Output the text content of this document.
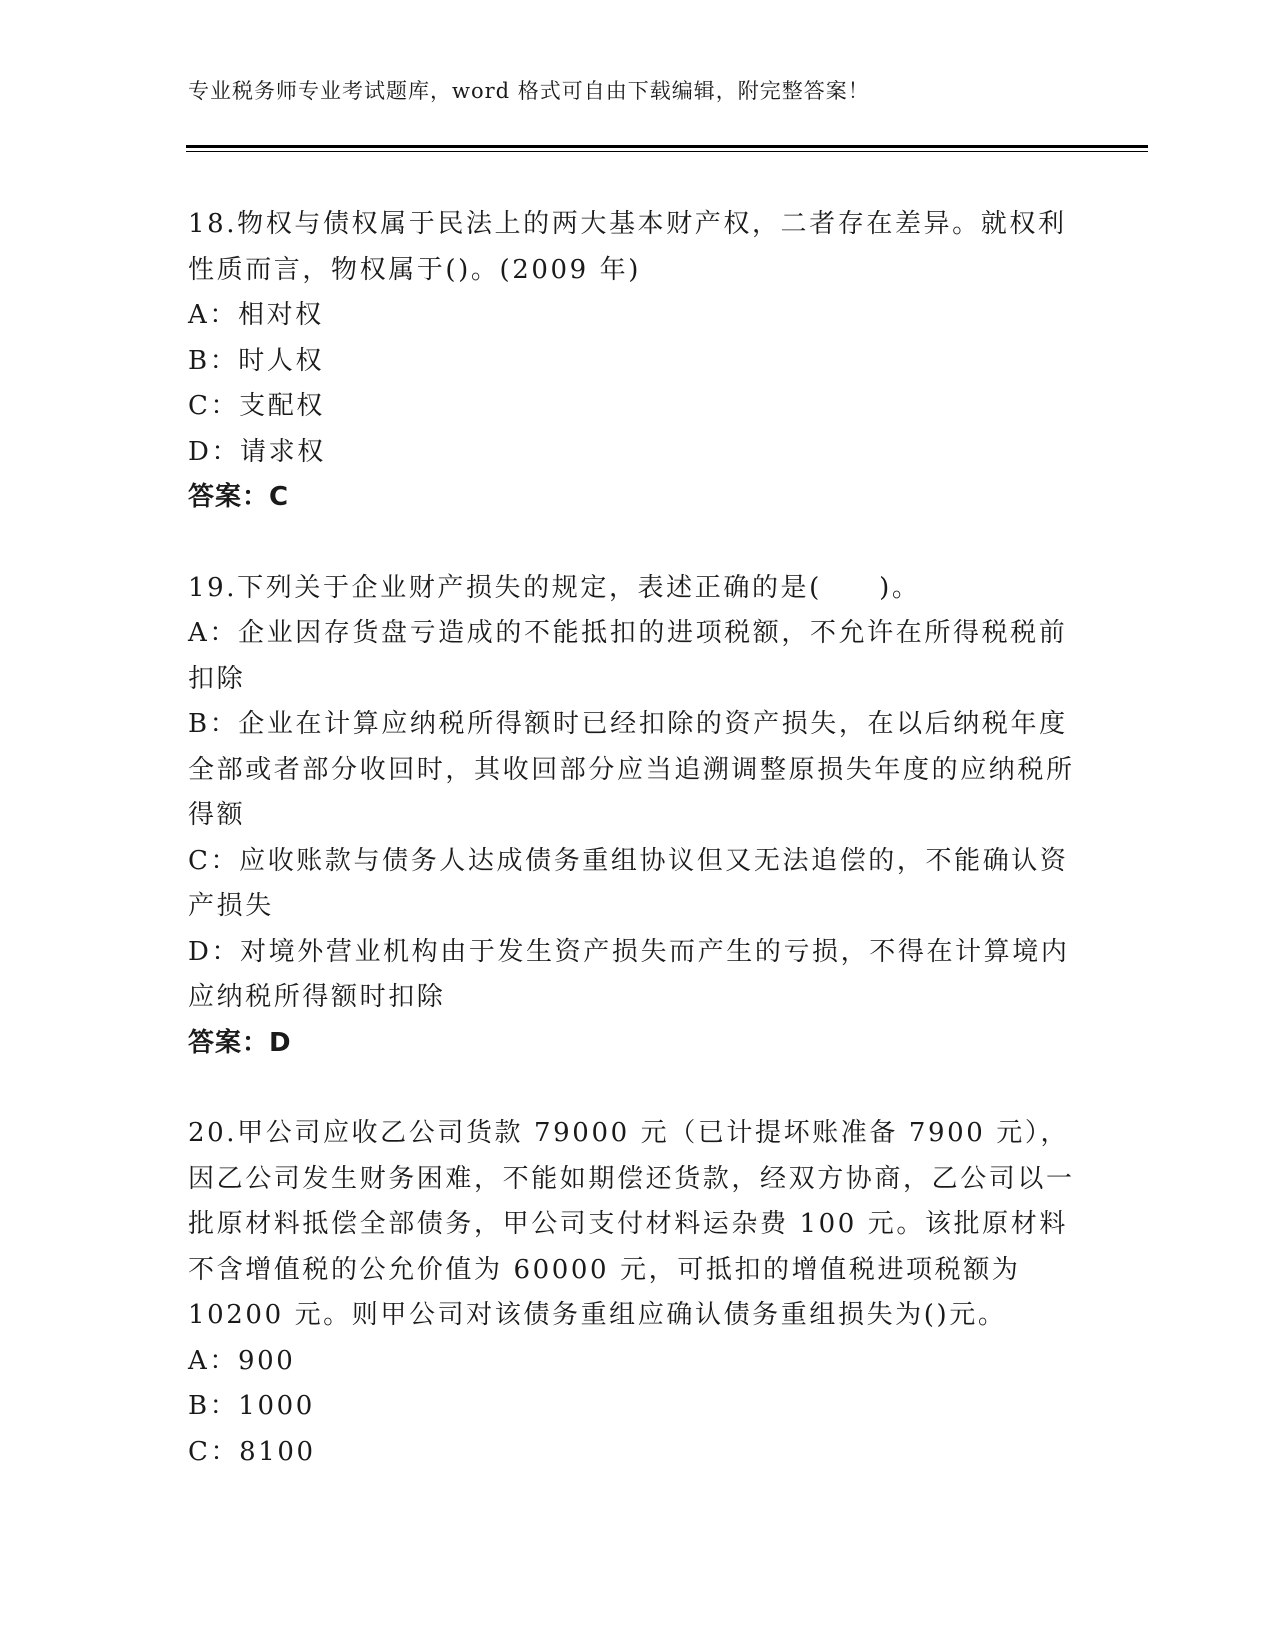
专业税务师专业考试题库，word 格式可自由下载编辑，附完整答案！

18.物权与债权属于民法上的两大基本财产权，二者存在差异。就权利性质而言，物权属于()。(2009 年)

A：相对权

B：时人权

C：支配权

D：请求权

答案：C

19.下列关于企业财产损失的规定，表述正确的是(　　)。

A：企业因存货盘亏造成的不能抵扣的进项税额，不允许在所得税税前扣除

B：企业在计算应纳税所得额时已经扣除的资产损失，在以后纳税年度全部或者部分收回时，其收回部分应当追溯调整原损失年度的应纳税所得额

C：应收账款与债务人达成债务重组协议但又无法追偿的，不能确认资产损失

D：对境外营业机构由于发生资产损失而产生的亏损，不得在计算境内应纳税所得额时扣除

答案：D

20.甲公司应收乙公司货款 79000 元（已计提坏账准备 7900 元），因乙公司发生财务困难，不能如期偿还货款，经双方协商，乙公司以一批原材料抵偿全部债务，甲公司支付材料运杂费 100 元。该批原材料不含增值税的公允价值为 60000 元，可抵扣的增值税进项税额为 10200 元。则甲公司对该债务重组应确认债务重组损失为()元。

A：900

B：1000

C：8100
